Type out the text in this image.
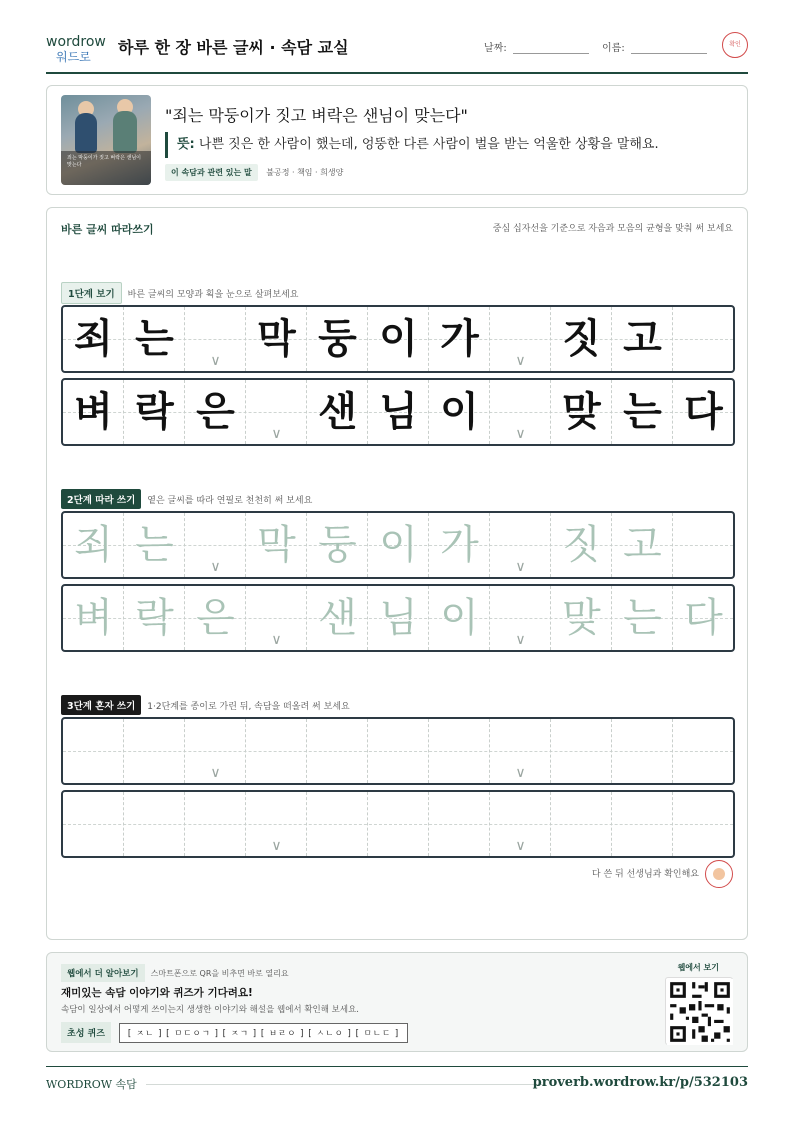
wordrow
워드로 하루 한 장 바른 글씨 · 속담 교실	날짜:	이름:	확인
죄는 막둥이가 짓고 벼락은 샌님이 맞는다
"죄는 막둥이가 짓고 벼락은 샌님이 맞는다"
뜻: 나쁜 짓은 한 사람이 했는데, 엉뚱한 다른 사람이 벌을 받는 억울한 상황을 말해요.
이 속담과 관련 있는 말 불공정 · 책임 · 희생양
바른 글씨 따라쓰기	중심 십자선을 기준으로 자음과 모음의 균형을 맞춰 써 보세요
1단계 보기 바른 글씨의 모양과 획을 눈으로 살펴보세요
죄 는	∨ 막 둥 이 가	∨ 짓 고
벼 락 은	∨ 샌 님 이	∨ 맞 는 다
2단계 따라 쓰기 옅은 글씨를 따라 연필로 천천히 써 보세요
죄 는	∨ 막 둥 이 가	∨ 짓 고
벼 락 은	∨ 샌 님 이	∨ 맞 는 다
3단계 혼자 쓰기 1·2단계를 종이로 가린 뒤, 속담을 떠올려 써 보세요
∨	∨
∨	∨
다 쓴 뒤 선생님과 확인해요
웹에서 더 알아보기 스마트폰으로 QR을 비추면 바로 열리요
재미있는 속담 이야기와 퀴즈가 기다려요!
속담이 일상에서 어떻게 쓰이는지 생생한 이야기와 해설을 웹에서 확인해 보세요.
초성 퀴즈	[ ㅈㄴ ] [ ㅁㄷㅇㄱ ] [ ㅈㄱ ] [ ㅂㄹㅇ ] [ ㅅㄴㅇ ] [ ㅁㄴㄷ ]
웹에서 보기
WORDROW 속담	proverb.wordrow.kr/p/532103
